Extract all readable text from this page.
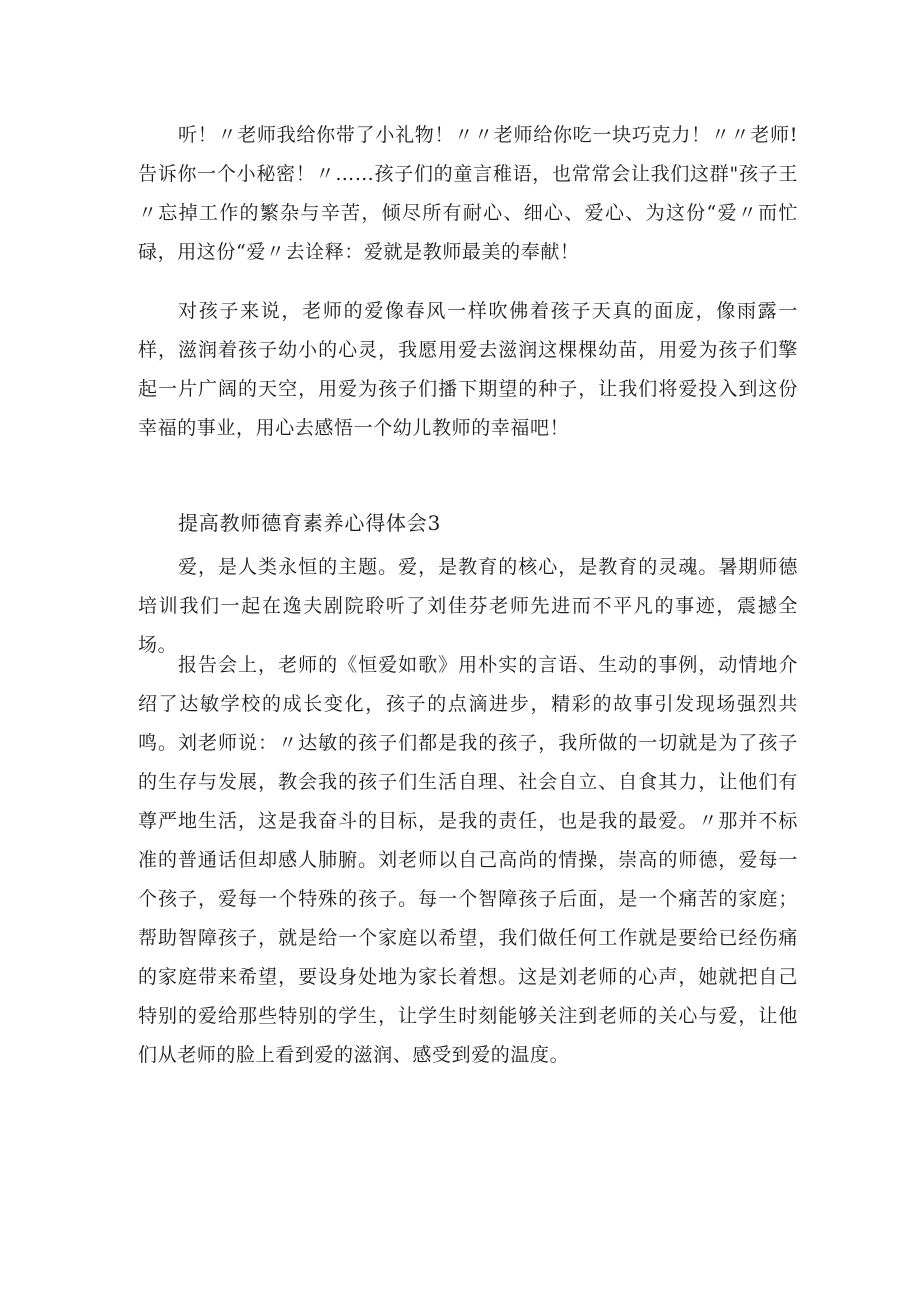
听！〃老师我给你带了小礼物！〃〃老师给你吃一块巧克力！〃〃老师!告诉你一个小秘密！〃……孩子们的童言稚语，也常常会让我们这群"孩子王〃忘掉工作的繁杂与辛苦，倾尽所有耐心、细心、爱心、为这份“爱〃而忙碌，用这份“爱〃去诠释：爱就是教师最美的奉献！

对孩子来说，老师的爱像春风一样吹佛着孩子天真的面庞，像雨露一样，滋润着孩子幼小的心灵，我愿用爱去滋润这棵棵幼苗，用爱为孩子们擎起一片广阔的天空，用爱为孩子们播下期望的种子，让我们将爱投入到这份幸福的事业，用心去感悟一个幼儿教师的幸福吧！

提高教师德育素养心得体会3

爱，是人类永恒的主题。爱，是教育的核心，是教育的灵魂。暑期师德培训我们一起在逸夫剧院聆听了刘佳芬老师先进而不平凡的事迹，震撼全场。

报告会上，老师的《恒爱如歌》用朴实的言语、生动的事例，动情地介绍了达敏学校的成长变化，孩子的点滴进步，精彩的故事引发现场强烈共鸣。刘老师说：〃达敏的孩子们都是我的孩子，我所做的一切就是为了孩子的生存与发展，教会我的孩子们生活自理、社会自立、自食其力，让他们有尊严地生活，这是我奋斗的目标，是我的责任，也是我的最爱。〃那并不标准的普通话但却感人肺腑。刘老师以自己高尚的情操，崇高的师德，爱每一个孩子，爱每一个特殊的孩子。每一个智障孩子后面，是一个痛苦的家庭；帮助智障孩子，就是给一个家庭以希望，我们做任何工作就是要给已经伤痛的家庭带来希望，要设身处地为家长着想。这是刘老师的心声，她就把自己特别的爱给那些特别的学生，让学生时刻能够关注到老师的关心与爱，让他们从老师的脸上看到爱的滋润、感受到爱的温度。
